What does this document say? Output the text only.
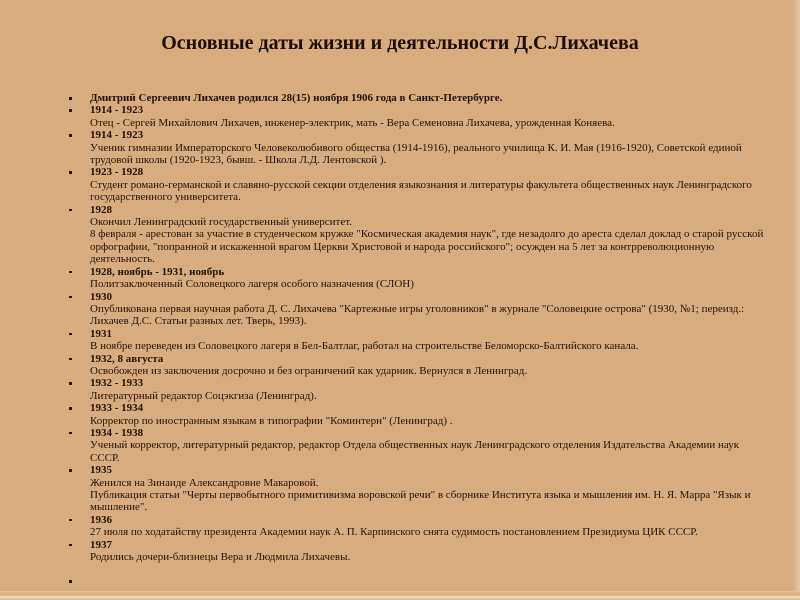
Основные даты жизни и деятельности Д.С.Лихачева
Дмитрий Сергеевич Лихачев родился 28(15) ноября 1906 года в Санкт-Петербурге.
1914 - 1923
Отец - Сергей Михайлович Лихачев, инженер-электрик, мать - Вера Семеновна Лихачева, урожденная Коняева.
1914 - 1923
Ученик гимназии Императорского Человеколюбивого общества (1914-1916), реального училища К. И. Мая (1916-1920), Советской единой трудовой школы (1920-1923, бывш. - Школа Л.Д. Лентовской ).
1923 - 1928
Студент романо-германской и славяно-русской секции отделения языкознания и литературы факультета общественных наук Ленинградского государственного университета.
1928
Окончил Ленинградский государственный университет.
8 февраля - арестован за участие в студенческом кружке "Космическая академия наук", где незадолго до ареста сделал доклад о старой русской орфографии, "попранной и искаженной врагом Церкви Христовой и народа российского"; осужден на 5 лет за контрреволюционную деятельность.
1928, ноябрь - 1931, ноябрь
Политзаключенный Соловецкого лагеря особого назначения (СЛОН)
1930
Опубликована первая научная работа Д. С. Лихачева "Картежные игры уголовников" в журнале "Соловецкие острова" (1930, №1; переизд.: Лихачев Д.С. Статьи разных лет. Тверь, 1993).
1931
В ноябре переведен из Соловецкого лагеря в Бел-Балтлаг, работал на строительстве Беломорско-Балтийского канала.
1932, 8 августа
Освобожден из заключения досрочно и без ограничений как ударник. Вернулся в Ленинград.
1932 - 1933
Литературный редактор Соцэкгиза (Ленинград).
1933 - 1934
Корректор по иностранным языкам в типографии "Коминтерн" (Ленинград) .
1934 - 1938
Ученый корректор, литературный редактор, редактор Отдела общественных наук Ленинградского отделения Издательства Академии наук СССР.
1935
Женился на Зинаиде Александровне Макаровой.
Публикация статьи "Черты первобытного примитивизма воровской речи" в сборнике Института языка и мышления им. Н. Я. Марра "Язык и мышление".
1936
27 июля по ходатайству президента Академии наук А. П. Карпинского снята судимость постановлением Президиума ЦИК СССР.
1937
Родились дочери-близнецы Вера и Людмила Лихачевы.
